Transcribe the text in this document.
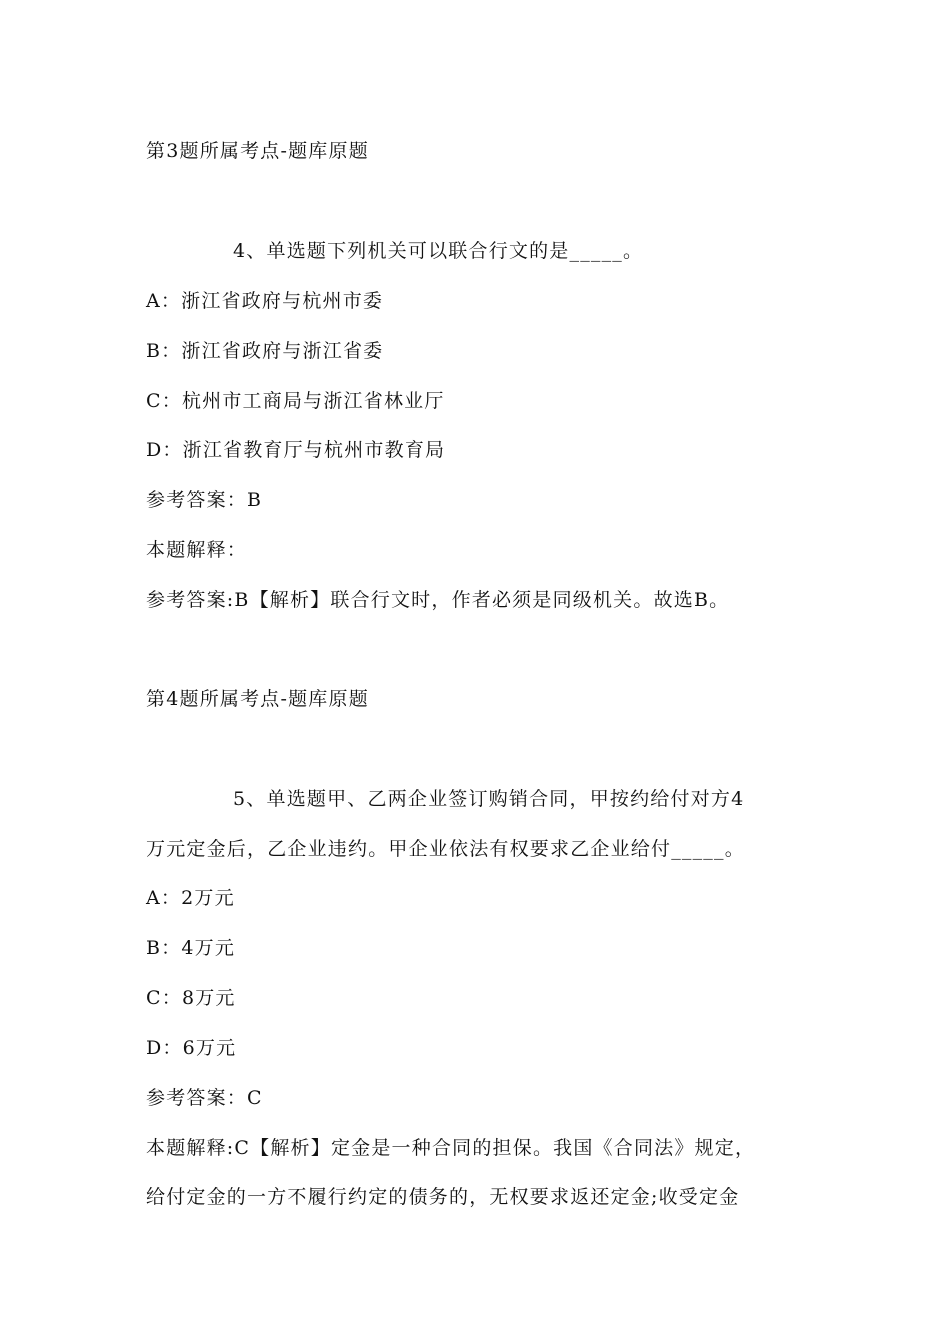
第3题所属考点-题库原题
4、单选题下列机关可以联合行文的是_____。
A：浙江省政府与杭州市委
B：浙江省政府与浙江省委
C：杭州市工商局与浙江省林业厅
D：浙江省教育厅与杭州市教育局
参考答案：B
本题解释：
参考答案:B【解析】联合行文时，作者必须是同级机关。故选B。
第4题所属考点-题库原题
5、单选题甲、乙两企业签订购销合同，甲按约给付对方4
万元定金后，乙企业违约。甲企业依法有权要求乙企业给付_____。
A：2万元
B：4万元
C：8万元
D：6万元
参考答案：C
本题解释:C【解析】定金是一种合同的担保。我国《合同法》规定，
给付定金的一方不履行约定的债务的，无权要求返还定金;收受定金
